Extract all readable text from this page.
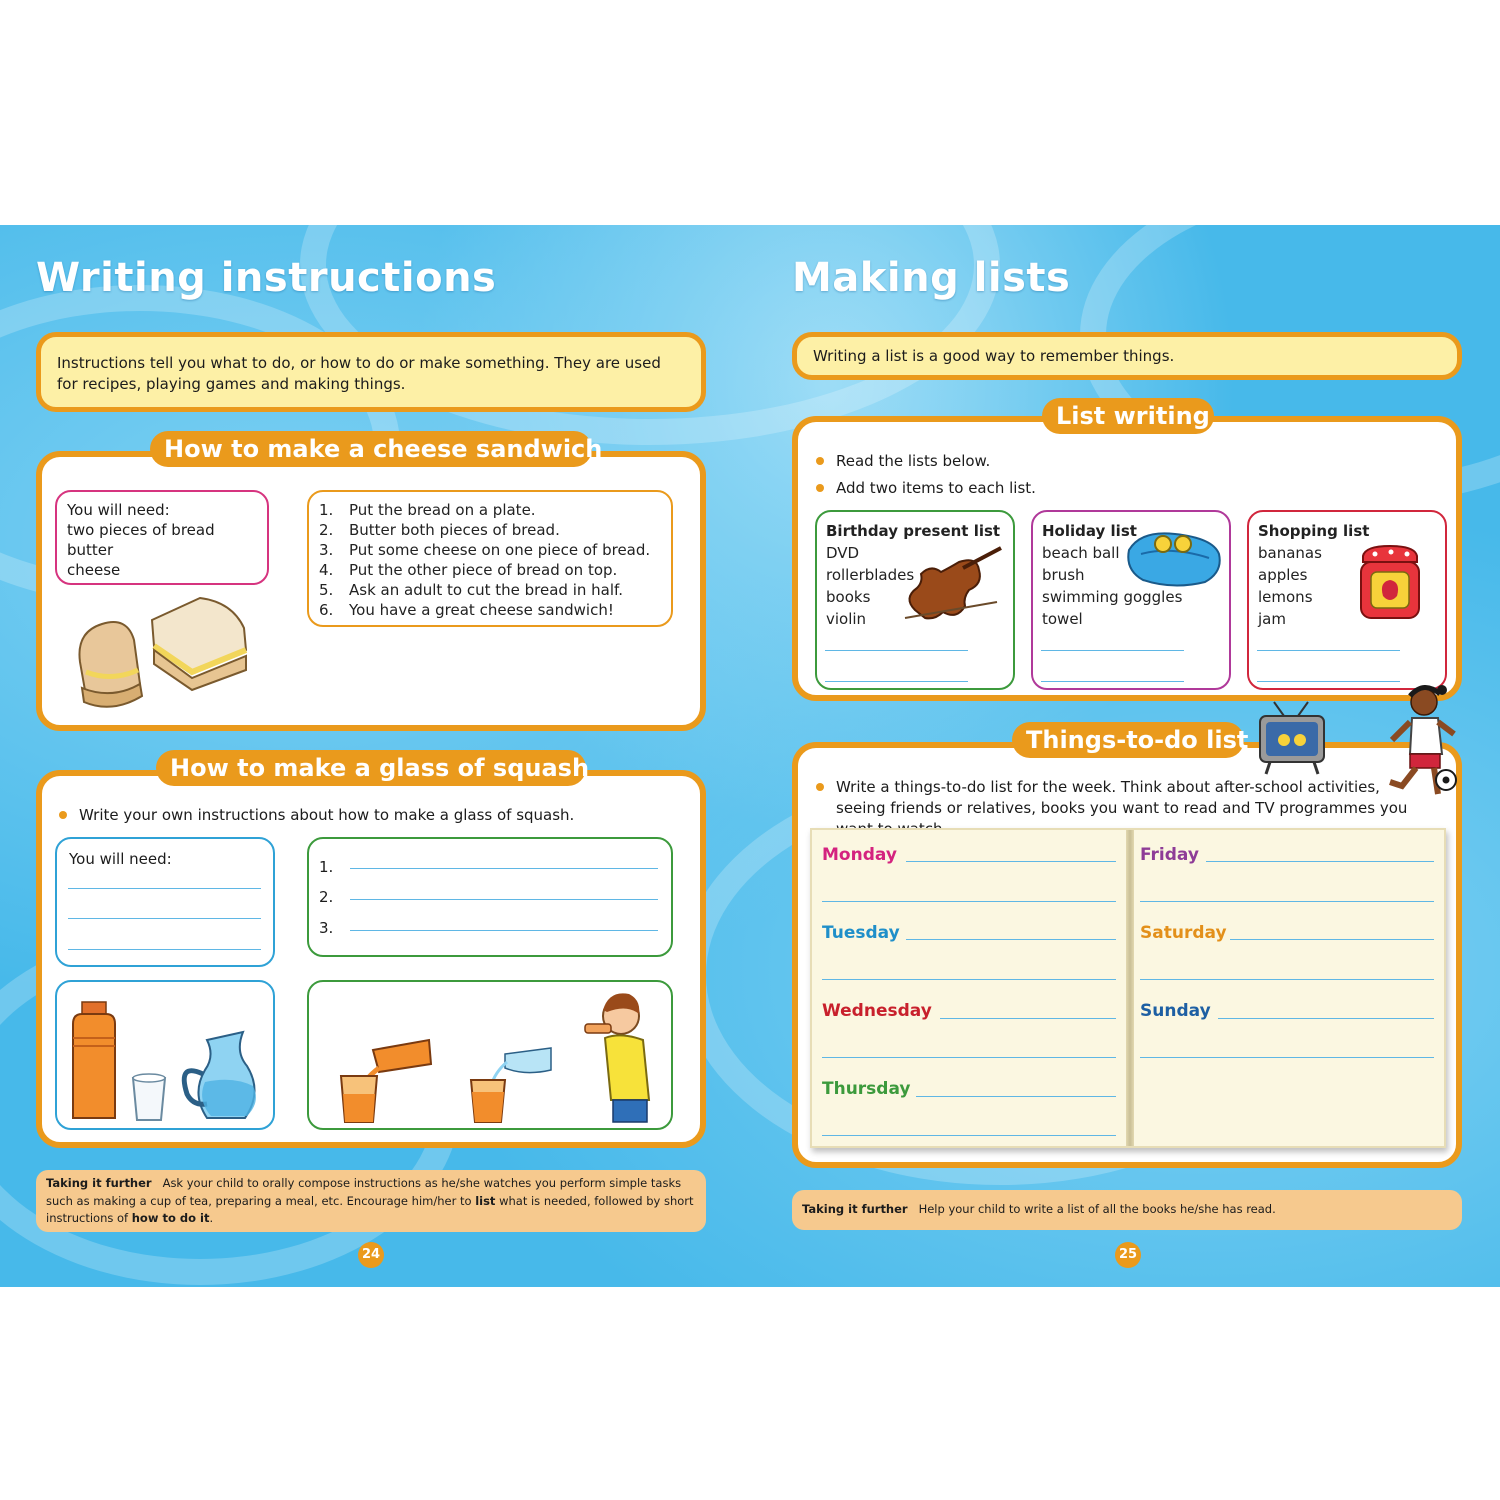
Writing instructions
Instructions tell you what to do, or how to do or make something. They are used for recipes, playing games and making things.
How to make a cheese sandwich
You will need:
two pieces of bread
butter
cheese
1.	Put the bread on a plate.
2.	Butter both pieces of bread.
3.	Put some cheese on one piece of bread.
4.	Put the other piece of bread on top.
5.	Ask an adult to cut the bread in half.
6.	You have a great cheese sandwich!
How to make a glass of squash
Write your own instructions about how to make a glass of squash.
You will need:	1.
2.
3.
Taking it further Ask your child to orally compose instructions as he/she watches you perform simple tasks such as making a cup of tea, preparing a meal, etc. Encourage him/her to list what is needed, followed by short instructions of how to do it.
24
Making lists
Writing a list is a good way to remember things.
List writing
Read the lists below.
Add two items to each list.
Birthday present list
DVD
rollerblades
books
violin
Holiday list
beach ball
brush
swimming goggles
towel
Shopping list
bananas
apples
lemons
jam
Things-to-do list
Write a things-to-do list for the week. Think about after-school activities, seeing friends or relatives, books you want to read and TV programmes you
Monday
Tuesday
Wednesday
Thursday
Friday
Saturday
Sunday
Taking it further Help your child to write a list of all the books he/she has read.
25
